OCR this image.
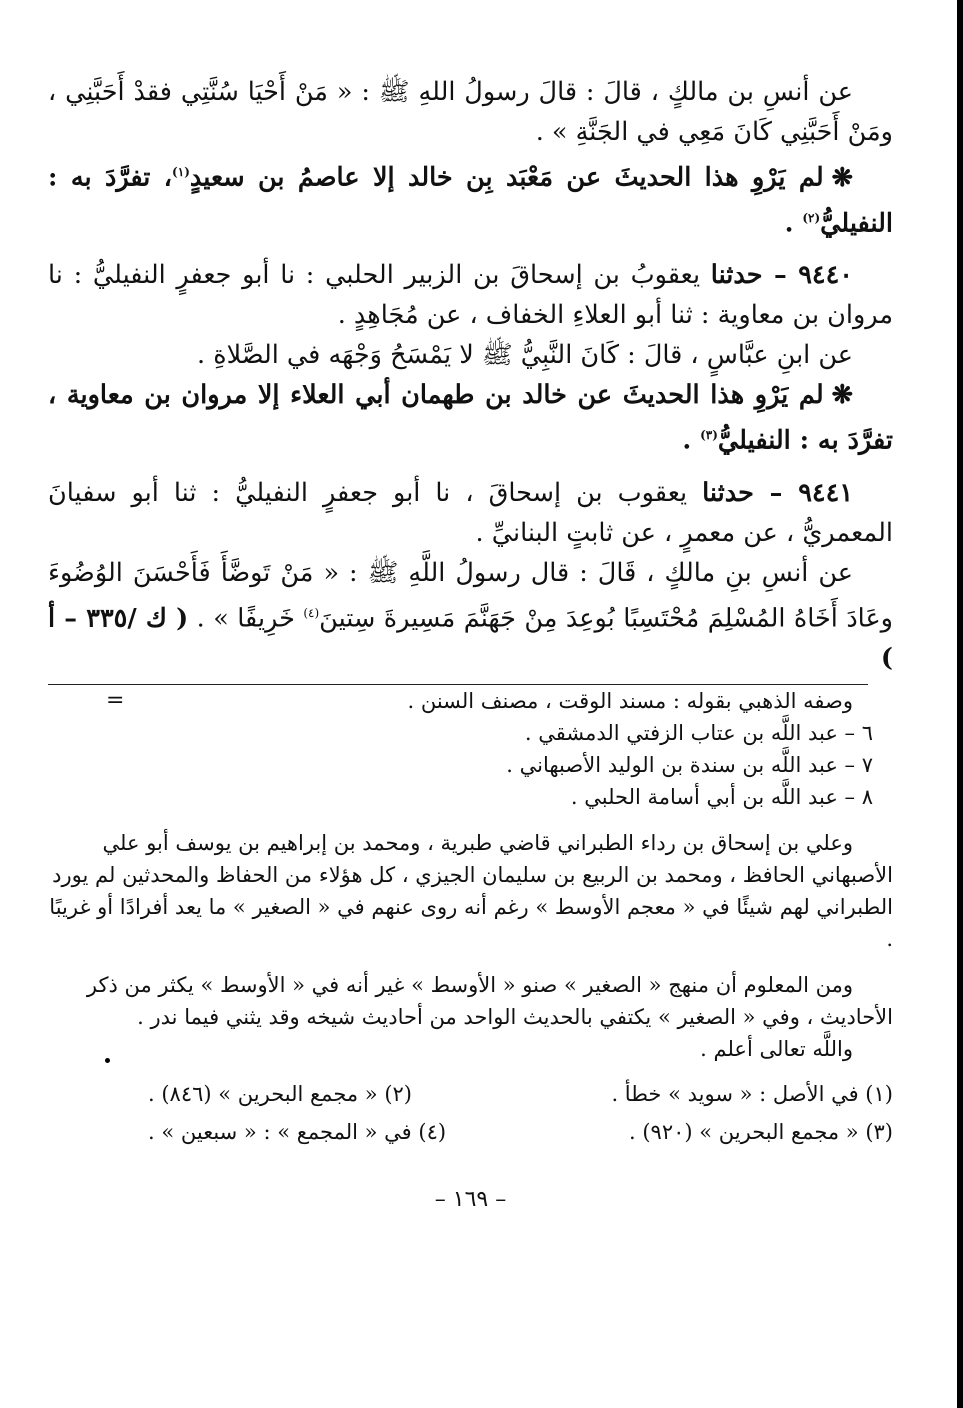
عن أنسِ بن مالكٍ ، قالَ : قالَ رسولُ اللهِ ﷺ : « مَنْ أَحْيَا سُنَّتِي فقدْ أَحَبَّنِي ، ومَنْ أَحَبَّنِي كَانَ مَعِي في الجَنَّةِ » .

❋لم يَرْوِ هذا الحديثَ عن مَعْبَد بِن خالد إلا عاصمُ بن سعيدٍ$^{(١)}$، تفرَّدَ به : النفيليُّ$^{(٢)}$ .

٩٤٤٠ – حدثنا يعقوبُ بن إسحاقَ بن الزبير الحلبي : نا أبو جعفرٍ النفيليُّ : نا مروان بن معاوية : ثنا أبو العلاءِ الخفاف ، عن مُجَاهِدٍ .

عن ابنِ عبَّاسٍ ، قالَ : كَانَ النَّبِيُّ ﷺ لا يَمْسَحُ وَجْهَه في الصَّلاةِ .

❋لم يَرْوِ هذا الحديثَ عن خالد بن طهمان أبي العلاء إلا مروان بن معاوية ، تفرَّدَ به : النفيليُّ$^{(٣)}$ .

٩٤٤١ – حدثنا يعقوب بن إسحاقَ ، نا أبو جعفرٍ النفيليُّ : ثنا أبو سفيانَ المعمريُّ ، عن معمرٍ ، عن ثابتٍ البنانيِّ .

عن أنسِ بنِ مالكٍ ، قَالَ : قال رسولُ اللَّهِ ﷺ : « مَنْ تَوضَّأَ فَأَحْسَنَ الوُضُوءَ وعَادَ أَخَاهُ المُسْلِمَ مُحْتَسِبًا بُوعِدَ مِنْ جَهَنَّمَ مَسِيرةَ سِتينَ$^{(٤)}$ خَرِيفًا » . ( ك /٣٣٥ – أ )

=	وصفه الذهبي بقوله : مسند الوقت ، مصنف السنن .

٦ – عبد اللَّه بن عتاب الزفتي الدمشقي .

٧ – عبد اللَّه بن سندة بن الوليد الأصبهاني .

٨ – عبد اللَّه بن أبي أسامة الحلبي .

وعلي بن إسحاق بن رداء الطبراني قاضي طبرية ، ومحمد بن إبراهيم بن يوسف أبو علي الأصبهاني الحافظ ، ومحمد بن الربيع بن سليمان الجيزي ، كل هؤلاء من الحفاظ والمحدثين لم يورد الطبراني لهم شيئًا في « معجم الأوسط » رغم أنه روى عنهم في « الصغير » ما يعد أفرادًا أو غريبًا .

ومن المعلوم أن منهج « الصغير » صنو « الأوسط » غير أنه في « الأوسط » يكثر من ذكر الأحاديث ، وفي « الصغير » يكتفي بالحديث الواحد من أحاديث شيخه وقد يثني فيما ندر .

واللَّه تعالى أعلم .

(١) في الأصل : « سويد » خطأ .
(٢) « مجمع البحرين » (٨٤٦) .
(٣) « مجمع البحرين » (٩٢٠) .
(٤) في « المجمع » : « سبعين » .
– ١٦٩ –
